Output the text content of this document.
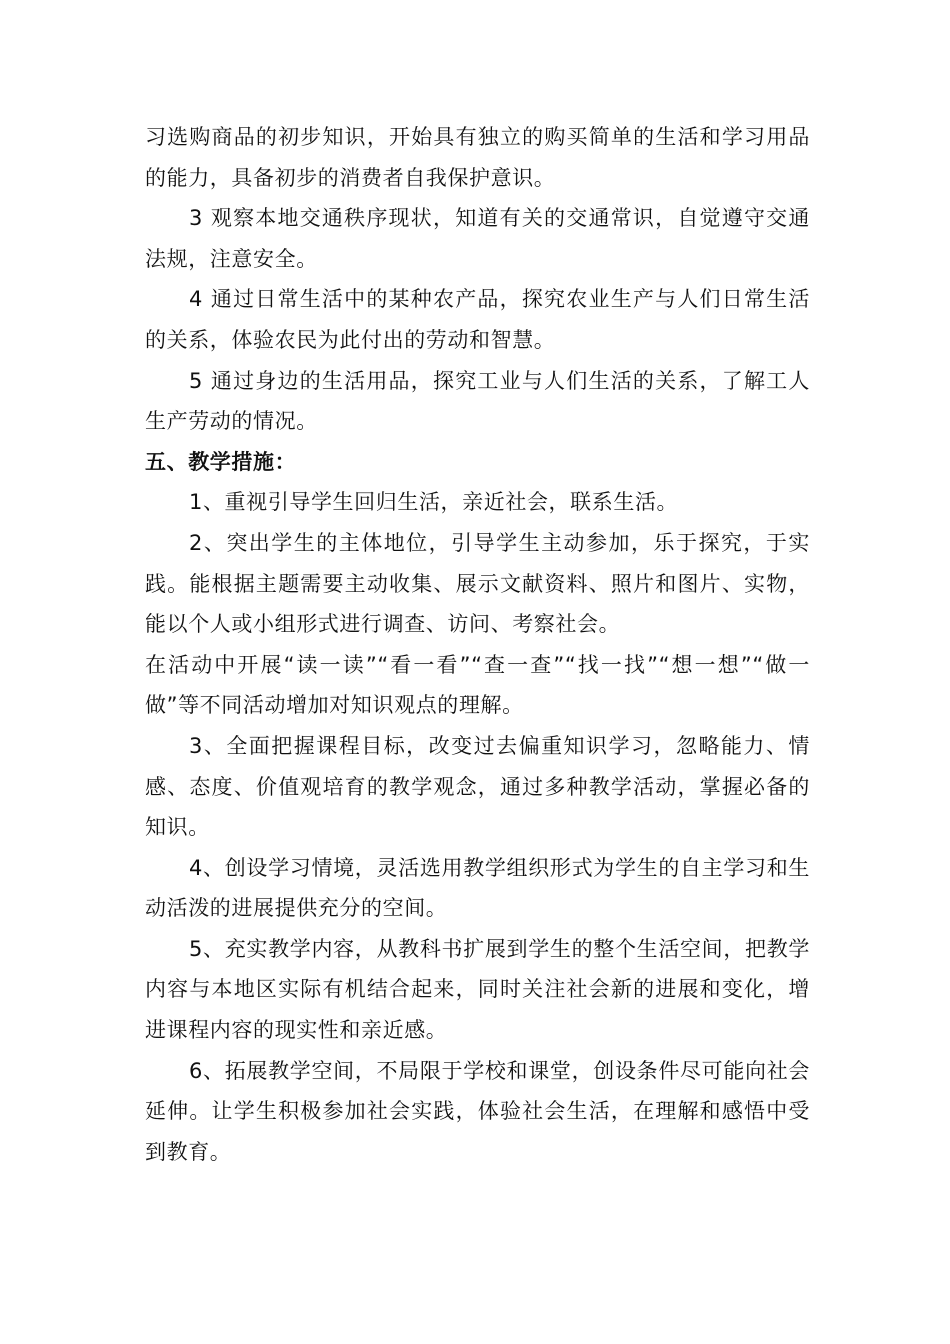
习选购商品的初步知识，开始具有独立的购买简单的生活和学习用品的能力，具备初步的消费者自我保护意识。

3 观察本地交通秩序现状，知道有关的交通常识，自觉遵守交通法规，注意安全。

4 通过日常生活中的某种农产品，探究农业生产与人们日常生活的关系，体验农民为此付出的劳动和智慧。

5 通过身边的生活用品，探究工业与人们生活的关系，了解工人生产劳动的情况。

五、教学措施：

1、重视引导学生回归生活，亲近社会，联系生活。

2、突出学生的主体地位，引导学生主动参加，乐于探究，于实践。能根据主题需要主动收集、展示文献资料、照片和图片、实物，能以个人或小组形式进行调查、访问、考察社会。

在活动中开展“读一读”“看一看”“查一查”“找一找”“想一想”“做一做”等不同活动增加对知识观点的理解。

3、全面把握课程目标，改变过去偏重知识学习，忽略能力、情感、态度、价值观培育的教学观念，通过多种教学活动，掌握必备的知识。

4、创设学习情境，灵活选用教学组织形式为学生的自主学习和生动活泼的进展提供充分的空间。

5、充实教学内容，从教科书扩展到学生的整个生活空间，把教学内容与本地区实际有机结合起来，同时关注社会新的进展和变化，增进课程内容的现实性和亲近感。

6、拓展教学空间，不局限于学校和课堂，创设条件尽可能向社会延伸。让学生积极参加社会实践，体验社会生活，在理解和感悟中受到教育。
